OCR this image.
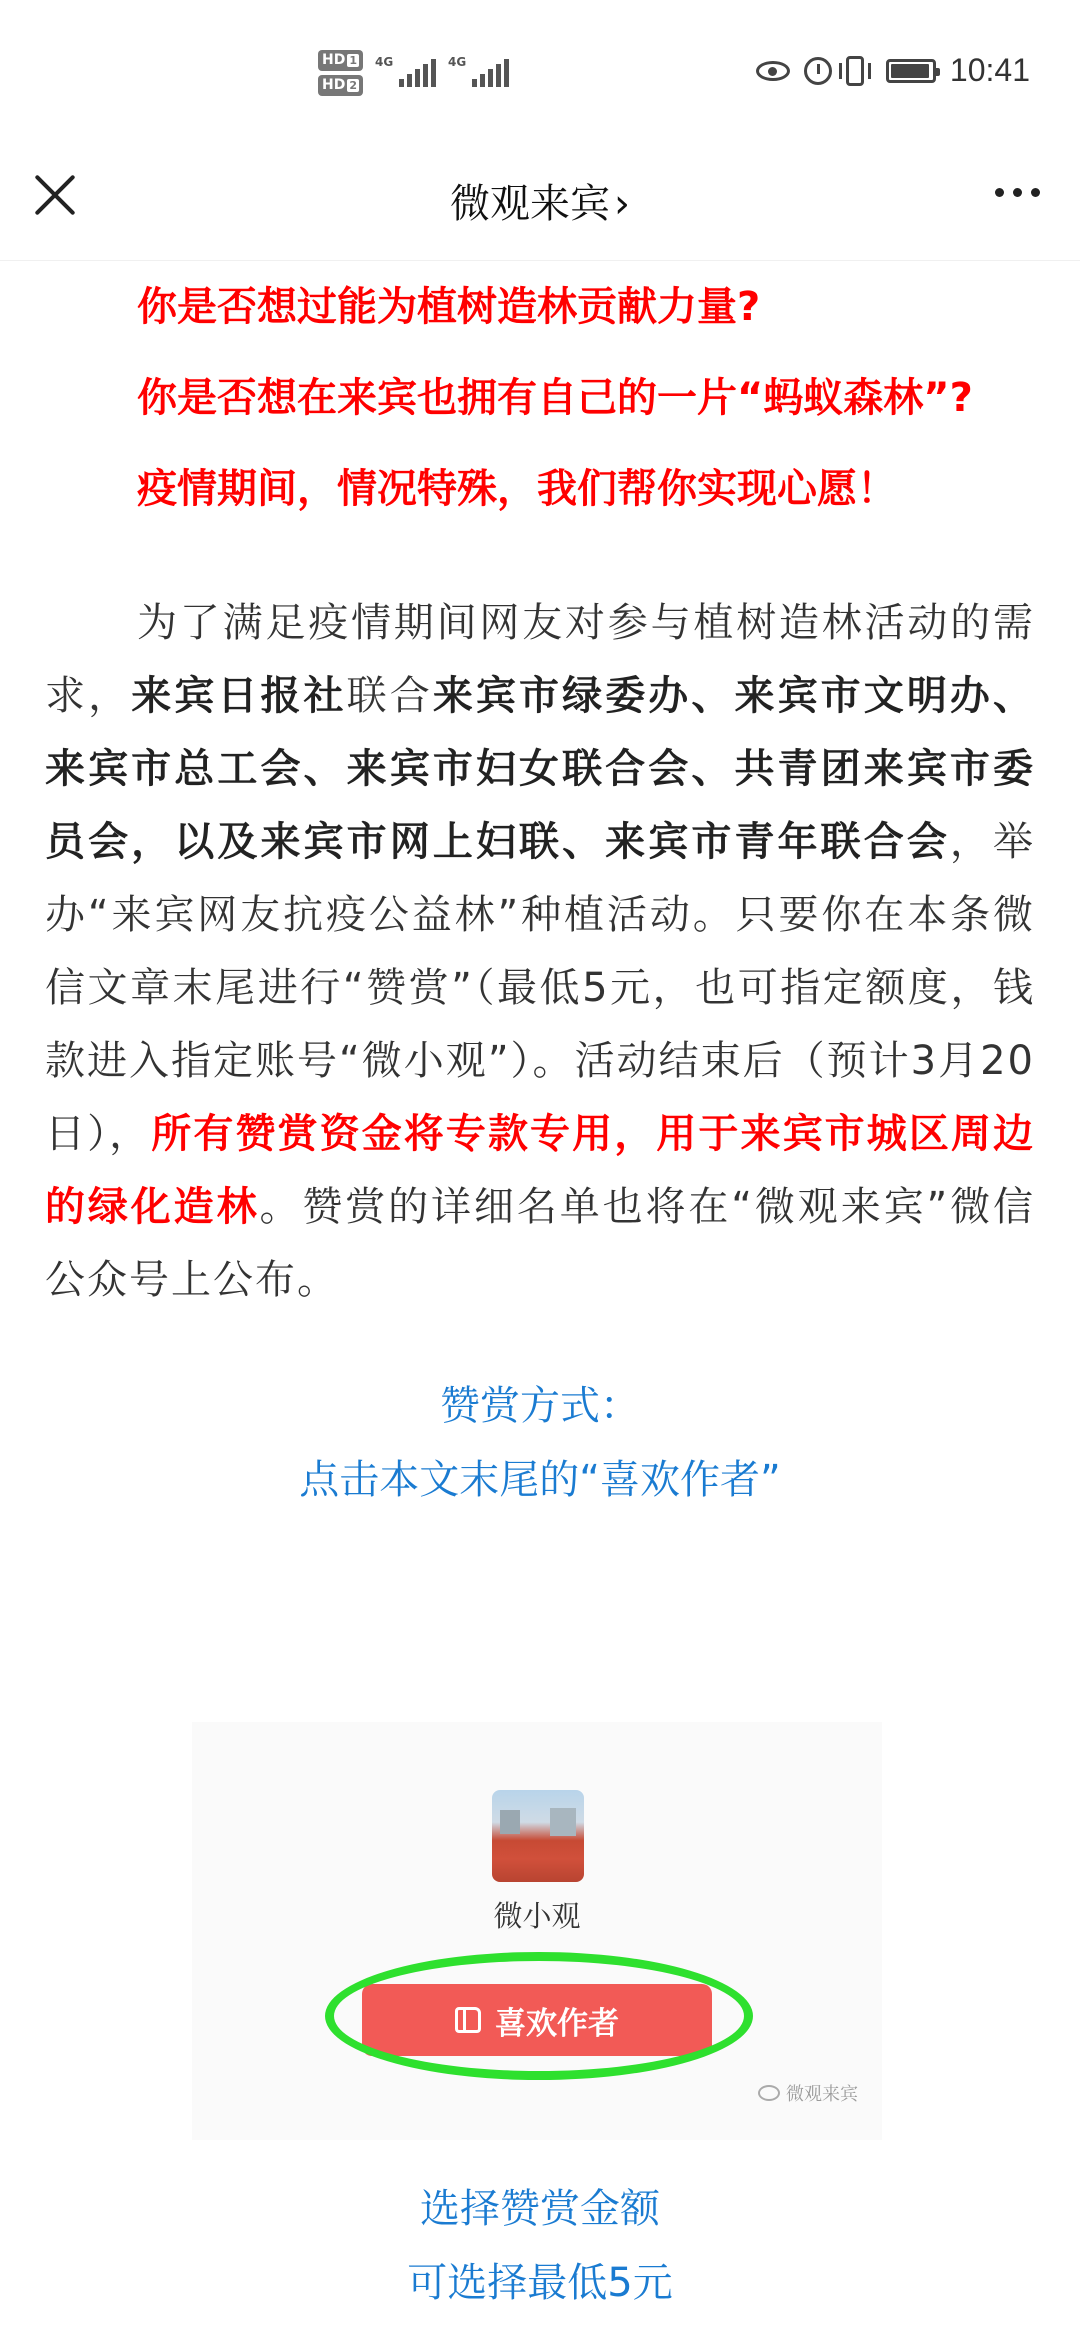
HD 1
HD 2
4G	4G	10:41
微观来宾 ›

你是否想过能为植树造林贡献力量?

你是否想在来宾也拥有自己的一片“蚂蚁森林”?

疫情期间，情况特殊，我们帮你实现心愿！

为了满足疫情期间网友对参与植树造林活动的需求，来宾日报社联合来宾市绿委办、来宾市文明办、来宾市总工会、来宾市妇女联合会、共青团来宾市委员会，以及来宾市网上妇联、来宾市青年联合会，举办“来宾网友抗疫公益林”种植活动。只要你在本条微信文章末尾进行“赞赏”（最低5元，也可指定额度，钱款进入指定账号“微小观”）。活动结束后（预计3月20日），所有赞赏资金将专款专用，用于来宾市城区周边的绿化造林。赞赏的详细名单也将在“微观来宾”微信公众号上公布。

赞赏方式：
点击本文末尾的“喜欢作者”
微小观
喜欢作者
微观来宾
选择赞赏金额
可选择最低5元
